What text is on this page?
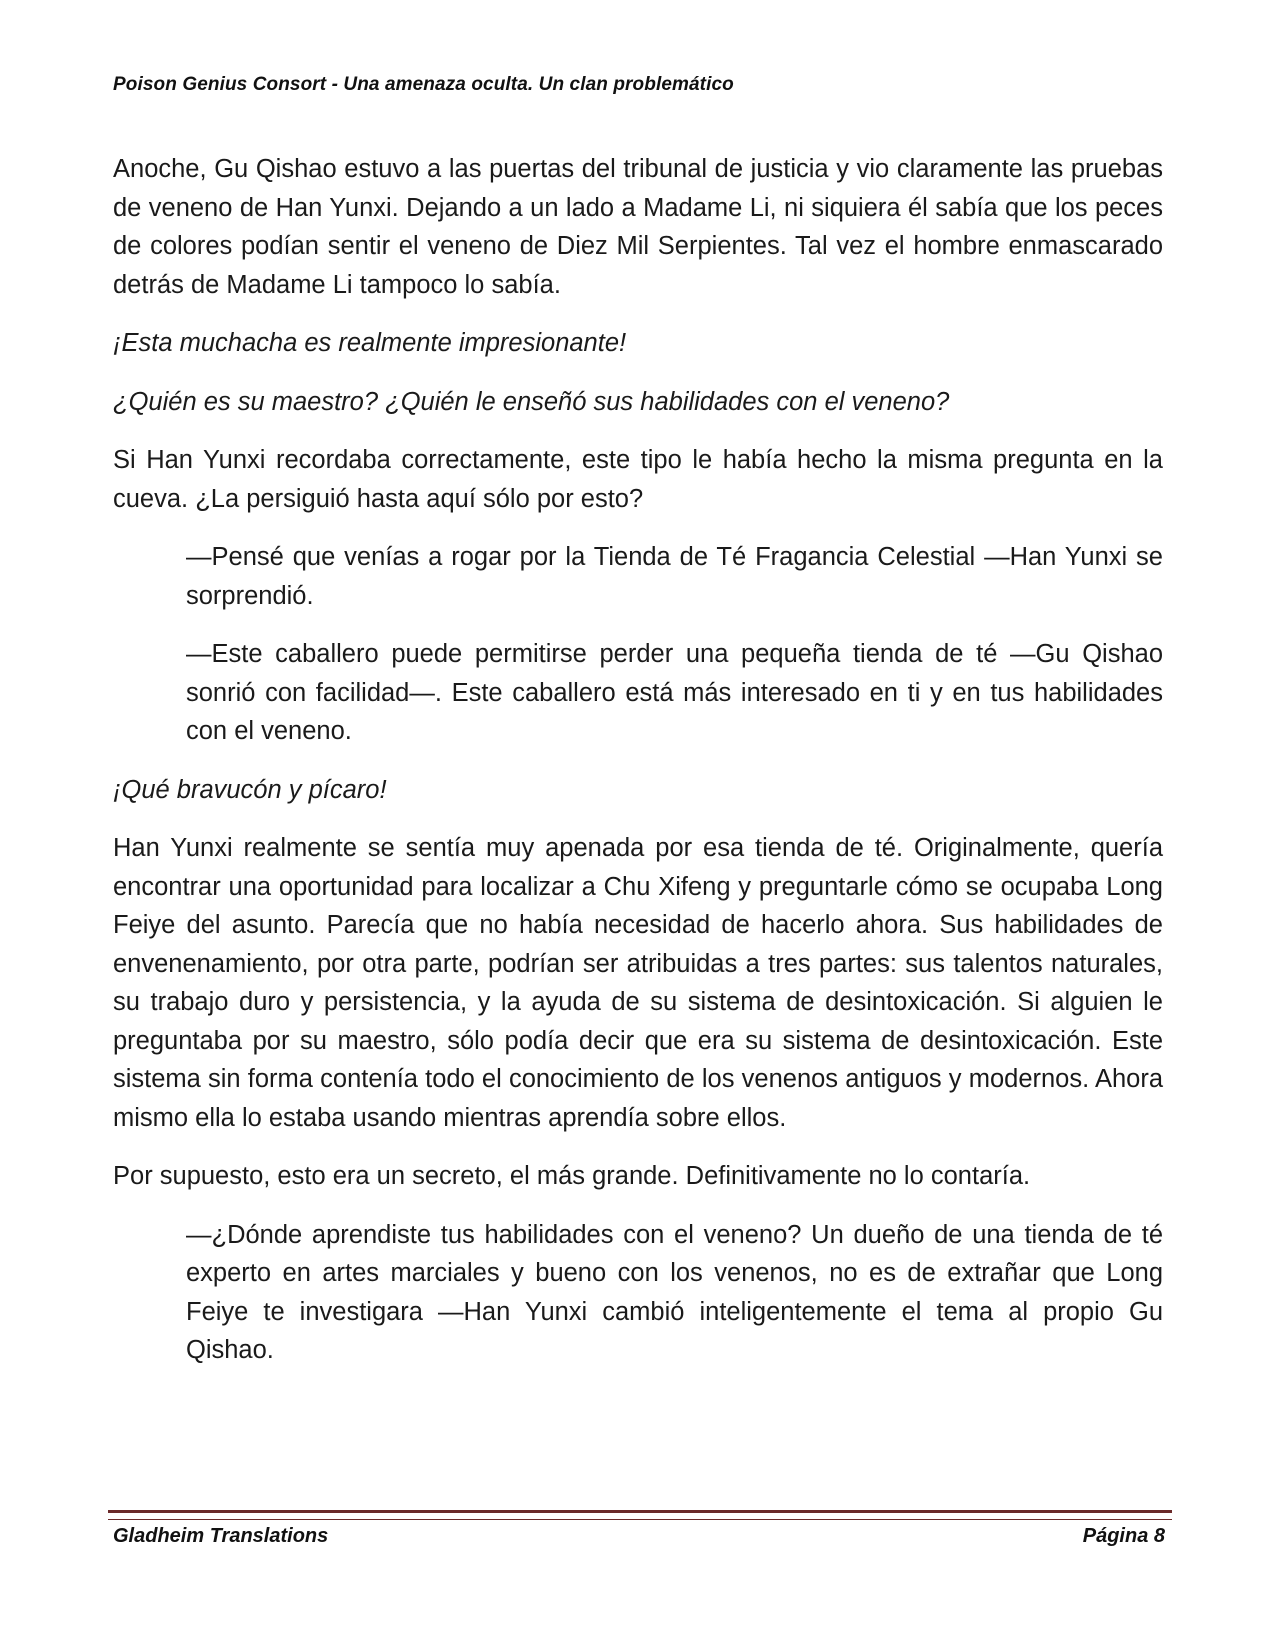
Poison Genius Consort - Una amenaza oculta. Un clan problemático

Anoche, Gu Qishao estuvo a las puertas del tribunal de justicia y vio claramente las pruebas de veneno de Han Yunxi. Dejando a un lado a Madame Li, ni siquiera él sabía que los peces de colores podían sentir el veneno de Diez Mil Serpientes. Tal vez el hombre enmascarado detrás de Madame Li tampoco lo sabía.

¡Esta muchacha es realmente impresionante!

¿Quién es su maestro? ¿Quién le enseñó sus habilidades con el veneno?

Si Han Yunxi recordaba correctamente, este tipo le había hecho la misma pregunta en la cueva. ¿La persiguió hasta aquí sólo por esto?

—Pensé que venías a rogar por la Tienda de Té Fragancia Celestial —Han Yunxi se sorprendió.

—Este caballero puede permitirse perder una pequeña tienda de té —Gu Qishao sonrió con facilidad—. Este caballero está más interesado en ti y en tus habilidades con el veneno.

¡Qué bravucón y pícaro!

Han Yunxi realmente se sentía muy apenada por esa tienda de té. Originalmente, quería encontrar una oportunidad para localizar a Chu Xifeng y preguntarle cómo se ocupaba Long Feiye del asunto. Parecía que no había necesidad de hacerlo ahora. Sus habilidades de envenenamiento, por otra parte, podrían ser atribuidas a tres partes: sus talentos naturales, su trabajo duro y persistencia, y la ayuda de su sistema de desintoxicación. Si alguien le preguntaba por su maestro, sólo podía decir que era su sistema de desintoxicación. Este sistema sin forma contenía todo el conocimiento de los venenos antiguos y modernos. Ahora mismo ella lo estaba usando mientras aprendía sobre ellos.

Por supuesto, esto era un secreto, el más grande. Definitivamente no lo contaría.

—¿Dónde aprendiste tus habilidades con el veneno? Un dueño de una tienda de té experto en artes marciales y bueno con los venenos, no es de extrañar que Long Feiye te investigara —Han Yunxi cambió inteligentemente el tema al propio Gu Qishao.

Gladheim Translations	Página 8
